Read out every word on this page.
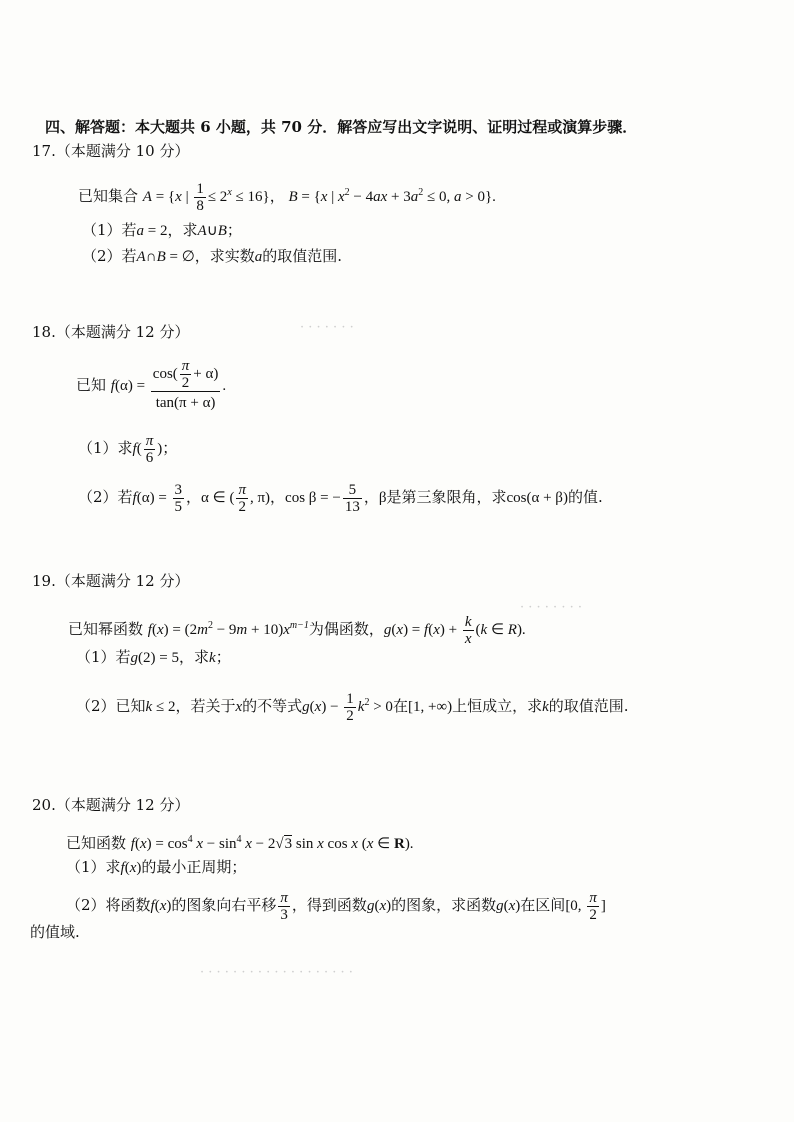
· · · · · · ·
· · · · · · · ·
· · · · · · · · · · · · · · · · · · ·
四、解答题：本大题共 6 小题，共 70 分．解答应写出文字说明、证明过程或演算步骤．
17.（本题满分 10 分）
已知集合 A = {x | $\frac{1}{8} \le 2^x \le 16$}， B = {x | $x^2 - 4ax + 3a^2 \le 0$, a > 0}.
（1）若a = 2，求A∪B；
（2）若A∩B = ∅，求实数a的取值范围.
18.（本题满分 12 分）
已知 $f(\alpha) = \frac{\cos( \frac{\pi}{2} + \alpha)}{\tan(\pi + \alpha)}$ .
（1）求$f( \frac{\pi}{6}$ )；
（2）若$f(\alpha) = \frac{3}{5}$ ，α ∈ ( $\frac{\pi}{2}$ , π)，cos β = − $\frac{5}{13}$ ，β是第三象限角，求cos(α + β)的值.
19.（本题满分 12 分）
已知幂函数 $f(x) = (2m^2 - 9m + 10)x^{m-1}$为偶函数，$g(x) = f(x) + \frac{k}{x} (k$ ∈ R).
（1）若g(2) = 5，求k；
（2）已知k ≤ 2，若关于x的不等式$g(x) - \frac{1}{2} k^2 > 0$在[1, +∞)上恒成立，求k的取值范围.
20.（本题满分 12 分）
已知函数 $f(x) = \cos^4 x - \sin^4 x - 2√3$ sin x cos x (x ∈ R).
（1）求f(x)的最小正周期；
（2）将函数f(x)的图象向右平移 $\frac{\pi}{3}$ ，得到函数g(x)的图象，求函数g(x)在区间[0, $\frac{\pi}{2}$ ]
的值域.
